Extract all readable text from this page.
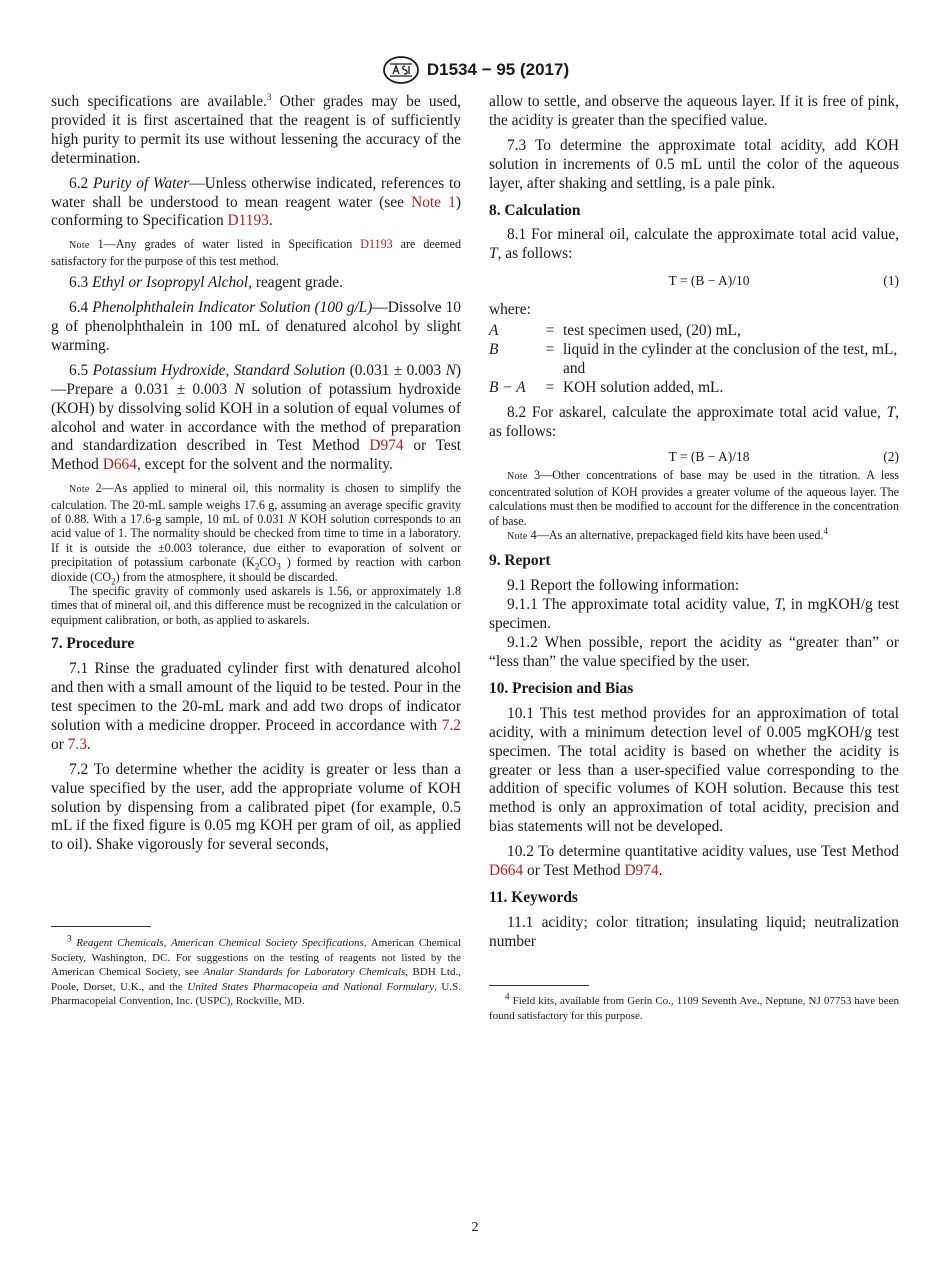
D1534 − 95 (2017)

such specifications are available.$^3$ Other grades may be used, provided it is first ascertained that the reagent is of sufficiently high purity to permit its use without lessening the accuracy of the determination.

6.2 Purity of Water—Unless otherwise indicated, references to water shall be understood to mean reagent water (see Note 1) conforming to Specification D1193.

Note 1—Any grades of water listed in Specification D1193 are deemed satisfactory for the purpose of this test method.

6.3 Ethyl or Isopropyl Alchol, reagent grade.

6.4 Phenolphthalein Indicator Solution (100 g/L)—Dissolve 10 g of phenolphthalein in 100 mL of denatured alcohol by slight warming.

6.5 Potassium Hydroxide, Standard Solution (0.031 ± 0.003 N)—Prepare a 0.031 ± 0.003 N solution of potassium hydroxide (KOH) by dissolving solid KOH in a solution of equal volumes of alcohol and water in accordance with the method of preparation and standardization described in Test Method D974 or Test Method D664, except for the solvent and the normality.

Note 2—As applied to mineral oil, this normality is chosen to simplify the calculation. The 20-mL sample weighs 17.6 g, assuming an average specific gravity of 0.88. With a 17.6-g sample, 10 mL of 0.031 N KOH solution corresponds to an acid value of 1. The normality should be checked from time to time in a laboratory. If it is outside the ±0.003 tolerance, due either to evaporation of solvent or precipitation of potassium carbonate ($K_2CO_3$ ) formed by reaction with carbon dioxide $(CO_2)$ from the atmosphere, it should be discarded.

The specific gravity of commonly used askarels is 1.56, or approximately 1.8 times that of mineral oil, and this difference must be recognized in the calculation or equipment calibration, or both, as applied to askarels.

7. Procedure

7.1 Rinse the graduated cylinder first with denatured alcohol and then with a small amount of the liquid to be tested. Pour in the test specimen to the 20-mL mark and add two drops of indicator solution with a medicine dropper. Proceed in accordance with 7.2 or 7.3.

7.2 To determine whether the acidity is greater or less than a value specified by the user, add the appropriate volume of KOH solution by dispensing from a calibrated pipet (for example, 0.5 mL if the fixed figure is 0.05 mg KOH per gram of oil, as applied to oil). Shake vigorously for several seconds,

$^3$ Reagent Chemicals, American Chemical Society Specifications, American Chemical Society, Washington, DC. For suggestions on the testing of reagents not listed by the American Chemical Society, see Analar Standards for Laboratory Chemicals, BDH Ltd., Poole, Dorset, U.K., and the United States Pharmacopeia and National Formulary, U.S. Pharmacopeial Convention, Inc. (USPC), Rockville, MD.

allow to settle, and observe the aqueous layer. If it is free of pink, the acidity is greater than the specified value.

7.3 To determine the approximate total acidity, add KOH solution in increments of 0.5 mL until the color of the aqueous layer, after shaking and settling, is a pale pink.

8. Calculation

8.1 For mineral oil, calculate the approximate total acid value, T, as follows:

T = (B − A)/10	(1)
where:
A	= test specimen used, (20) mL,
B	= liquid in the cylinder at the conclusion of the test, mL, and
B − A	= KOH solution added, mL.

8.2 For askarel, calculate the approximate total acid value, T, as follows:

T = (B − A)/18	(2)

Note 3—Other concentrations of base may be used in the titration. A less concentrated solution of KOH provides a greater volume of the aqueous layer. The calculations must then be modified to account for the difference in the concentration of base.

Note 4—As an alternative, prepackaged field kits have been used.$^4$

9. Report

9.1 Report the following information:

9.1.1 The approximate total acidity value, T, in mgKOH/g test specimen.

9.1.2 When possible, report the acidity as “greater than” or “less than” the value specified by the user.

10. Precision and Bias

10.1 This test method provides for an approximation of total acidity, with a minimum detection level of 0.005 mgKOH/g test specimen. The total acidity is based on whether the acidity is greater or less than a user-specified value corresponding to the addition of specific volumes of KOH solution. Because this test method is only an approximation of total acidity, precision and bias statements will not be developed.

10.2 To determine quantitative acidity values, use Test Method D664 or Test Method D974.

11. Keywords

11.1 acidity; color titration; insulating liquid; neutralization number

$^4$ Field kits, available from Gerin Co., 1109 Seventh Ave., Neptune, NJ 07753 have been found satisfactory for this purpose.

2
